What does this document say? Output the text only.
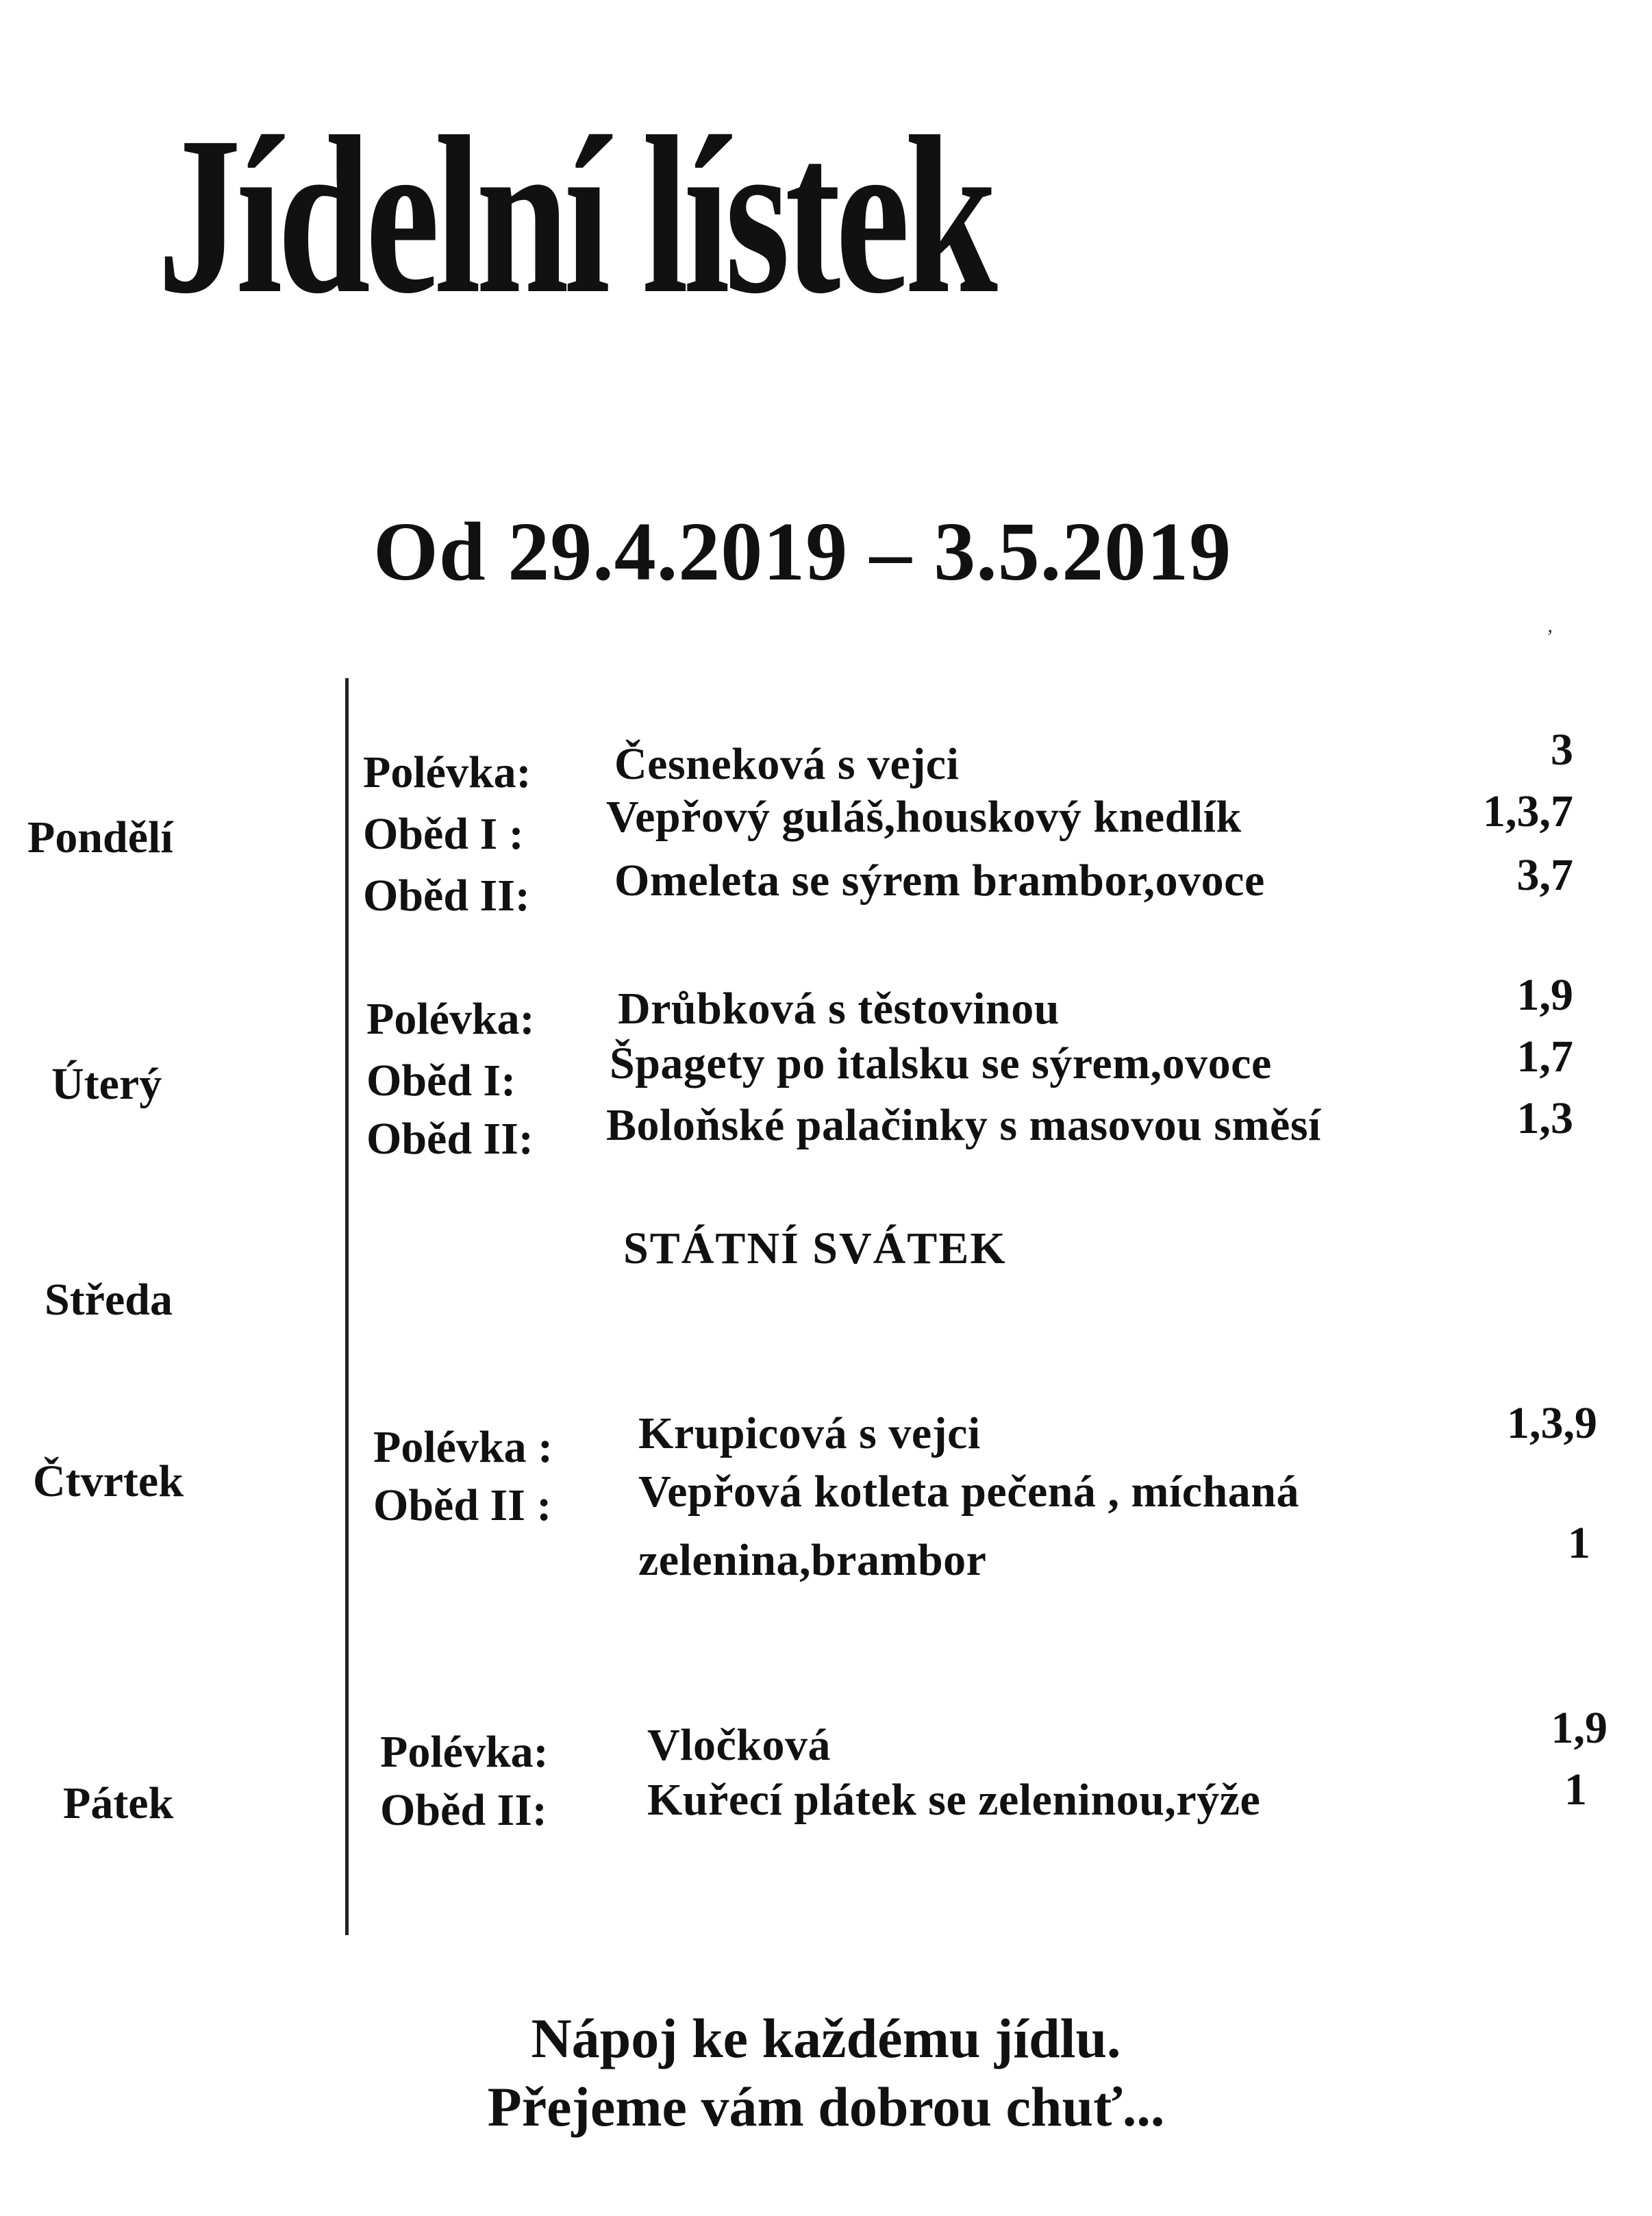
Jídelní lístek
Od 29.4.2019 – 3.5.2019
’
Pondělí
Polévka: Česneková s vejci	3
Oběd I : Vepřový guláš,houskový knedlík	1,3,7
Oběd II: Omeleta se sýrem brambor,ovoce	3,7
Úterý
Polévka: Drůbková s těstovinou	1,9
Oběd I: Špagety po italsku se sýrem,ovoce	1,7
Oběd II: Boloňské palačinky s masovou směsí	1,3
Středa
STÁTNÍ SVÁTEK
Čtvrtek
Polévka : Krupicová s vejci	1,3,9
Oběd II : Vepřová kotleta pečená , míchaná
zelenina,brambor	1
Pátek
Polévka: Vločková	1,9
Oběd II: Kuřecí plátek se zeleninou,rýže	1
Nápoj ke každému jídlu.
Přejeme vám dobrou chuť...
